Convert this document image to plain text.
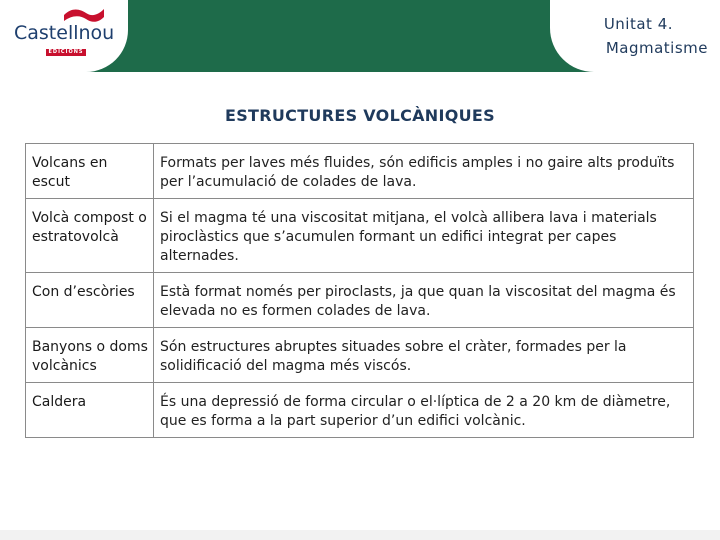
Castellnou
EDICIONS
Unitat 4.
Magmatisme
ESTRUCTURES VOLCÀNIQUES
Volcans en escut	Formats per laves més fluides, són edificis amples i no gaire alts produïts per l’acumulació de colades de lava.
Volcà compost o estratovolcà	Si el magma té una viscositat mitjana, el volcà allibera lava i materials piroclàstics que s’acumulen formant un edifici integrat per capes alternades.
Con d’escòries	Està format només per piroclasts, ja que quan la viscositat del magma és elevada no es formen colades de lava.
Banyons o doms volcànics	Són estructures abruptes situades sobre el cràter, formades per la solidificació del magma més viscós.
Caldera	És una depressió de forma circular o el·líptica de 2 a 20 km de diàmetre, que es forma a la part superior d’un edifici volcànic.
